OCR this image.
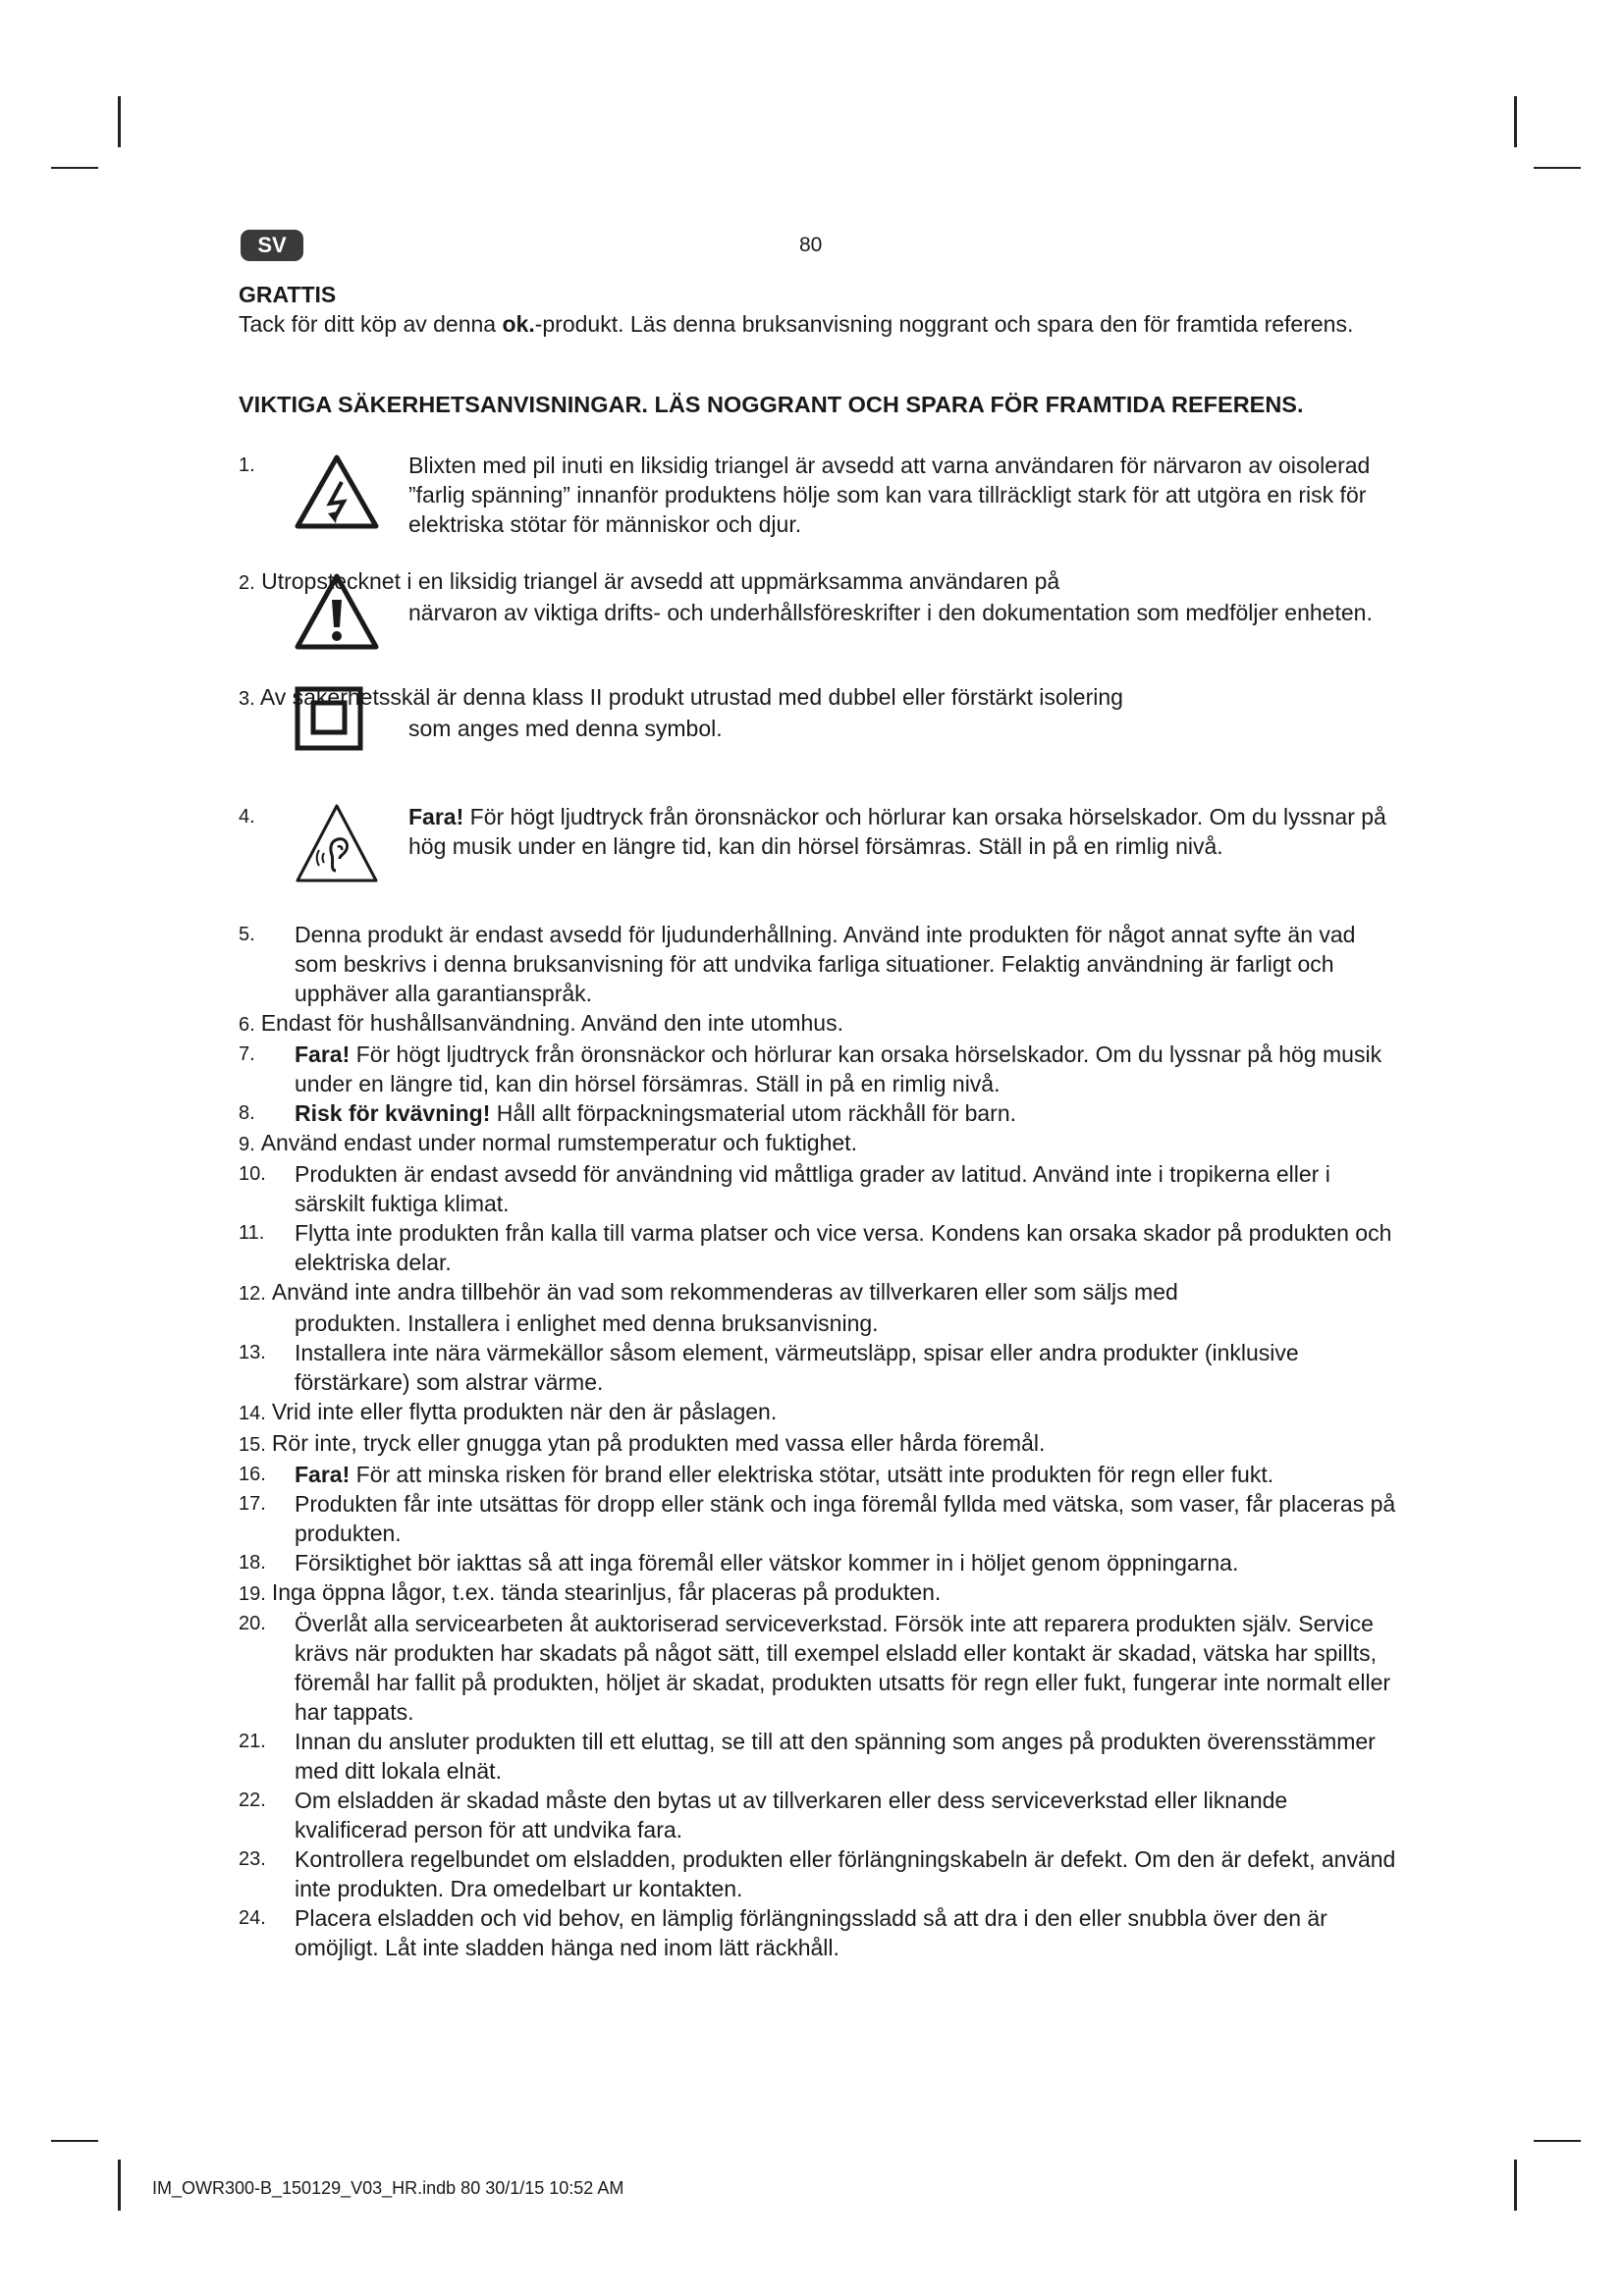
SV	80

GRATTIS

Tack för ditt köp av denna ok.-produkt. Läs denna bruksanvisning noggrant och spara den för framtida referens.

VIKTIGA SÄKERHETSANVISNINGAR. LÄS NOGGRANT OCH SPARA FÖR FRAMTIDA REFERENS.

1.	Blixten med pil inuti en liksidig triangel är avsedd att varna användaren för närvaron av oisolerad ”farlig spänning” innanför produktens hölje som kan vara tillräckligt stark för att utgöra en risk för elektriska stötar för människor och djur.
2. Utropstecknet i en liksidig triangel är avsedd att uppmärksamma användaren på
närvaron av viktiga drifts- och underhållsföreskrifter i den dokumentation som medföljer enheten.
3. Av säkerhetsskäl är denna klass II produkt utrustad med dubbel eller förstärkt isolering
som anges med denna symbol.
4.	Fara! För högt ljudtryck från öronsnäckor och hörlurar kan orsaka hörselskador. Om du lyssnar på hög musik under en längre tid, kan din hörsel försämras. Ställ in på en rimlig nivå.
5. Denna produkt är endast avsedd för ljudunderhållning. Använd inte produkten för något annat syfte än vad som beskrivs i denna bruksanvisning för att undvika farliga situationer. Felaktig användning är farligt och upphäver alla garantianspråk.
6. Endast för hushållsanvändning. Använd den inte utomhus.
7. Fara! För högt ljudtryck från öronsnäckor och hörlurar kan orsaka hörselskador. Om du lyssnar på hög musik under en längre tid, kan din hörsel försämras. Ställ in på en rimlig nivå.
8. Risk för kvävning! Håll allt förpackningsmaterial utom räckhåll för barn.
9. Använd endast under normal rumstemperatur och fuktighet.
10. Produkten är endast avsedd för användning vid måttliga grader av latitud. Använd inte i tropikerna eller i särskilt fuktiga klimat.
11. Flytta inte produkten från kalla till varma platser och vice versa. Kondens kan orsaka skador på produkten och elektriska delar.
12. Använd inte andra tillbehör än vad som rekommenderas av tillverkaren eller som säljs med
produkten. Installera i enlighet med denna bruksanvisning.
13. Installera inte nära värmekällor såsom element, värmeutsläpp, spisar eller andra produkter (inklusive förstärkare) som alstrar värme.
14. Vrid inte eller flytta produkten när den är påslagen.
15. Rör inte, tryck eller gnugga ytan på produkten med vassa eller hårda föremål.
16. Fara! För att minska risken för brand eller elektriska stötar, utsätt inte produkten för regn eller fukt.
17. Produkten får inte utsättas för dropp eller stänk och inga föremål fyllda med vätska, som vaser, får placeras på produkten.
18. Försiktighet bör iakttas så att inga föremål eller vätskor kommer in i höljet genom öppningarna.
19. Inga öppna lågor, t.ex. tända stearinljus, får placeras på produkten.
20. Överlåt alla servicearbeten åt auktoriserad serviceverkstad. Försök inte att reparera produkten själv. Service krävs när produkten har skadats på något sätt, till exempel elsladd eller kontakt är skadad, vätska har spillts, föremål har fallit på produkten, höljet är skadat, produkten utsatts för regn eller fukt, fungerar inte normalt eller har tappats.
21. Innan du ansluter produkten till ett eluttag, se till att den spänning som anges på produkten överensstämmer med ditt lokala elnät.
22. Om elsladden är skadad måste den bytas ut av tillverkaren eller dess serviceverkstad eller liknande kvalificerad person för att undvika fara.
23. Kontrollera regelbundet om elsladden, produkten eller förlängningskabeln är defekt. Om den är defekt, använd inte produkten. Dra omedelbart ur kontakten.
24. Placera elsladden och vid behov, en lämplig förlängningssladd så att dra i den eller snubbla över den är omöjligt. Låt inte sladden hänga ned inom lätt räckhåll.
IM_OWR300-B_150129_V03_HR.indb 80 30/1/15 10:52 AM
